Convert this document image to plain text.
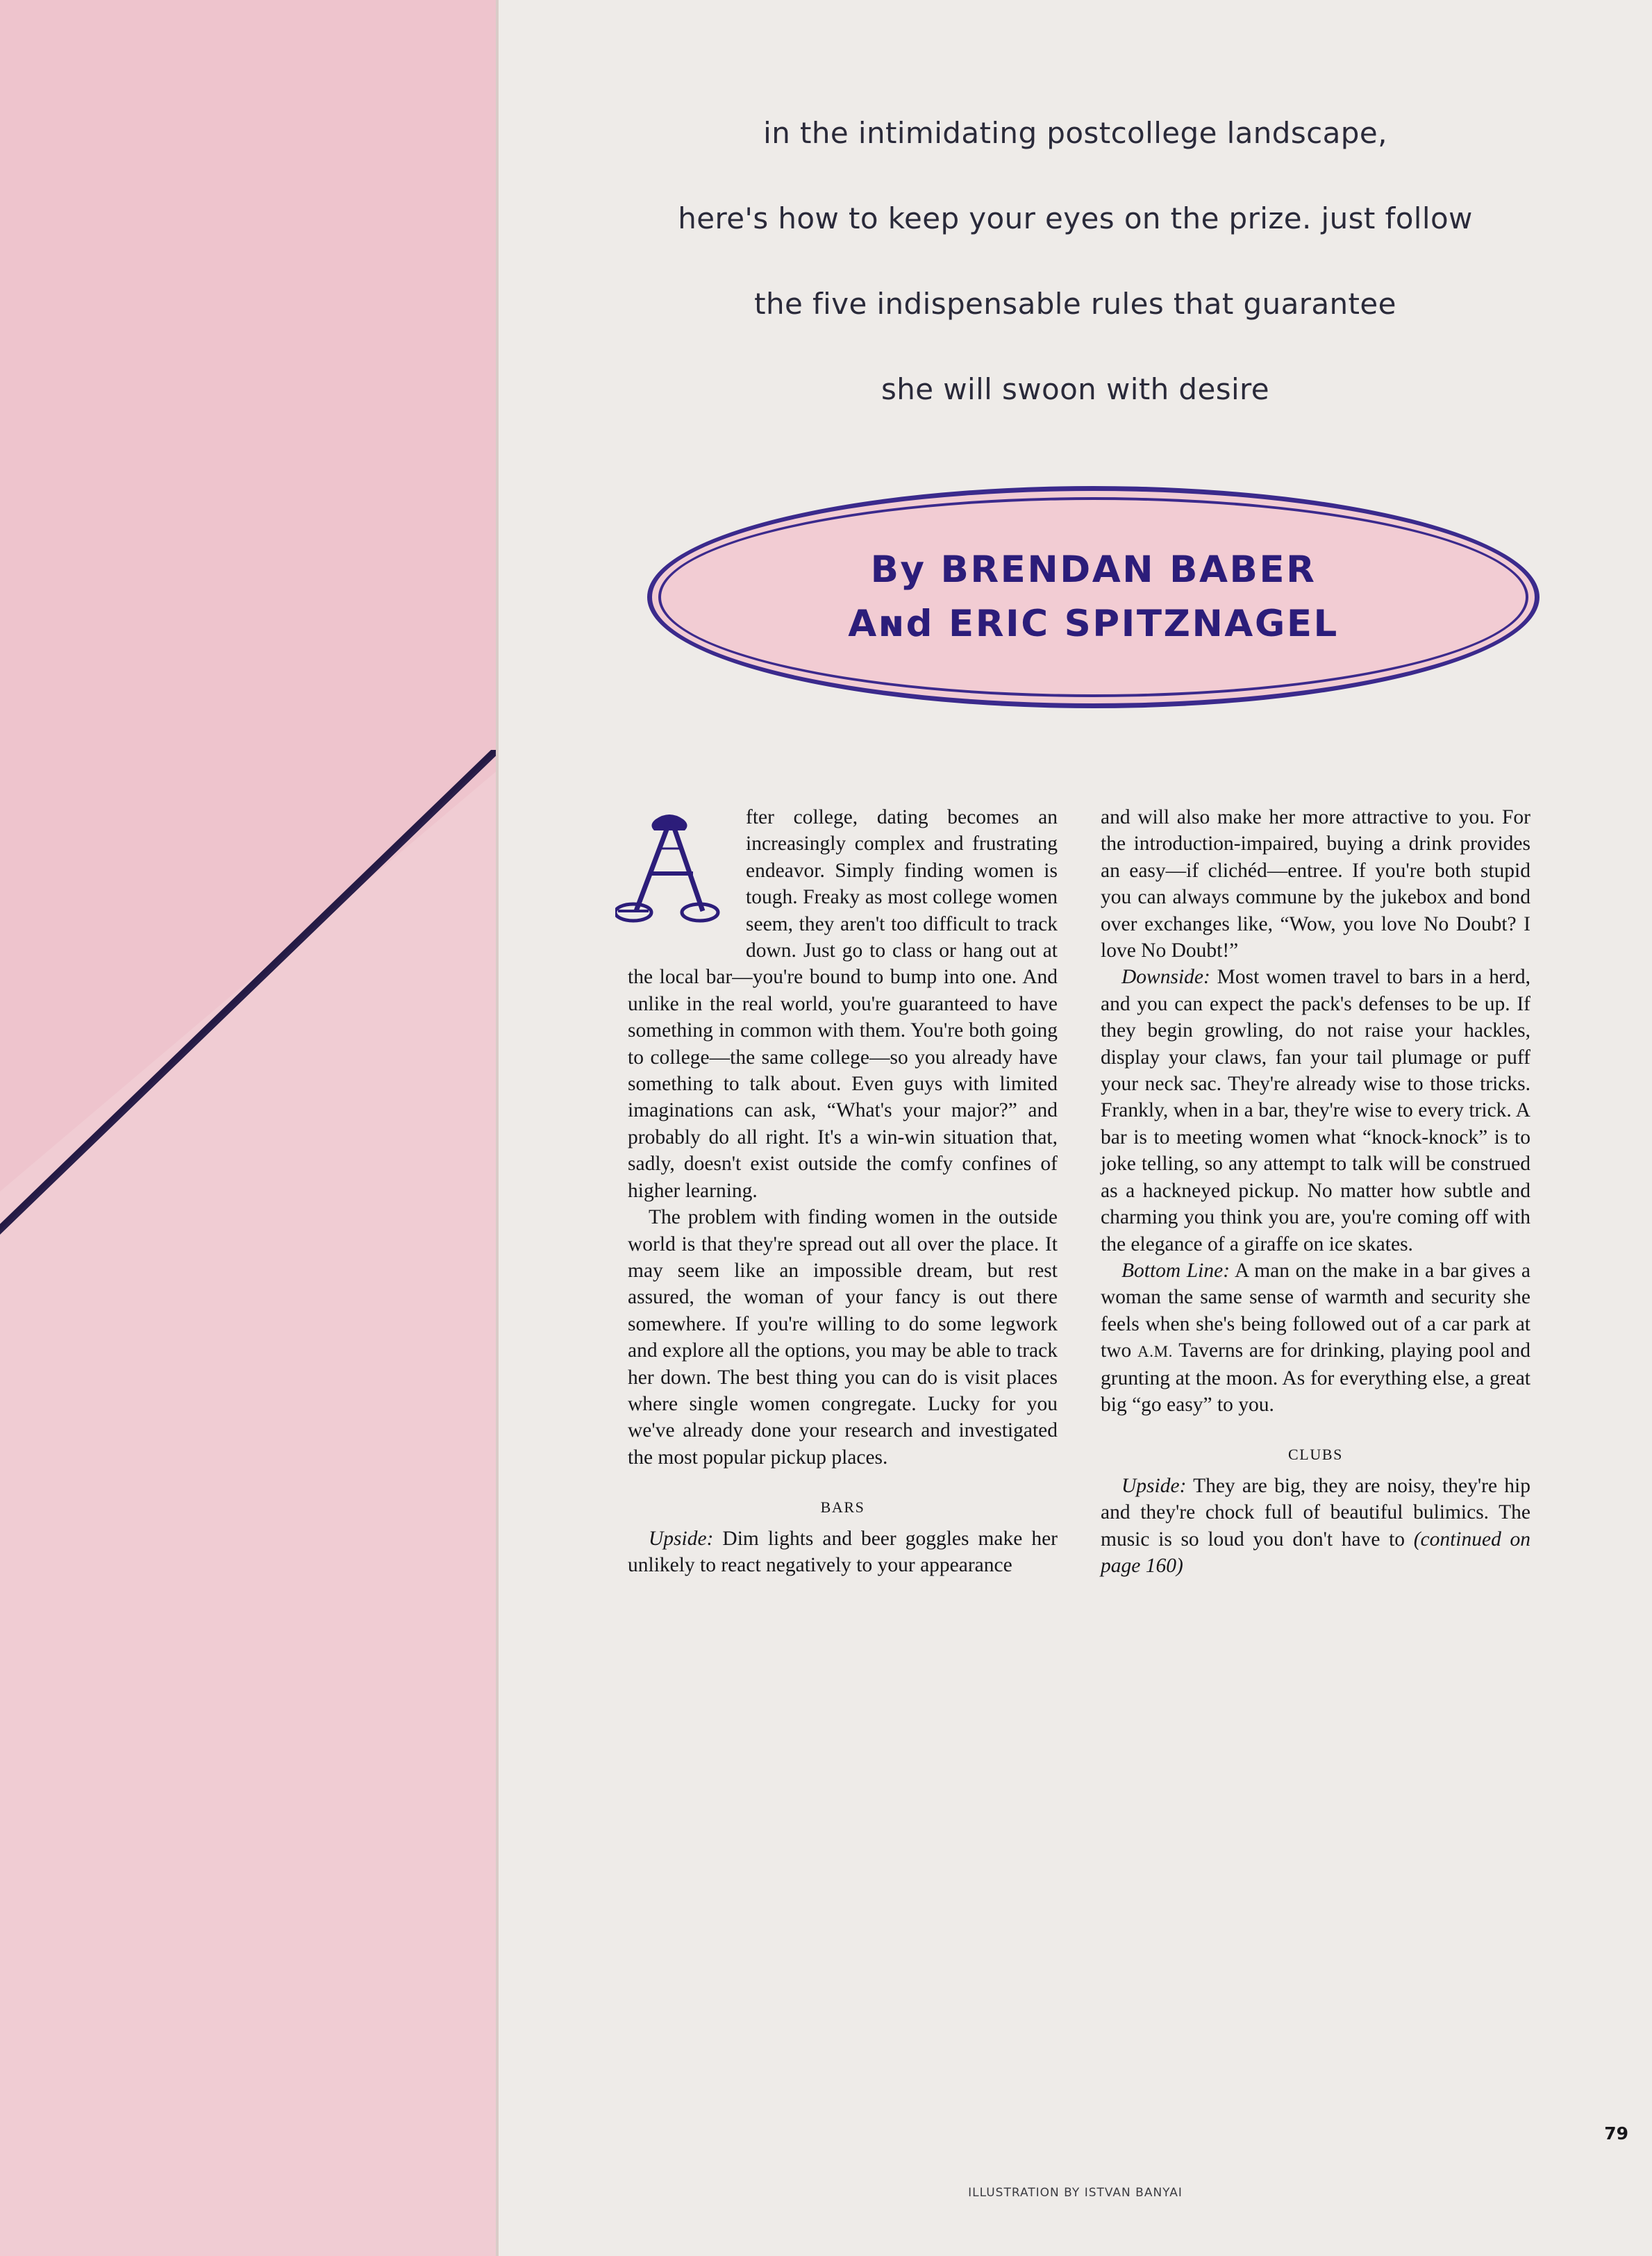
in the intimidating postcollege landscape,
here's how to keep your eyes on the prize. just follow
the five indispensable rules that guarantee
she will swoon with desire
By BRENDAN BABER
Aɴd ERIC SPITZNAGEL

fter college, dating becomes an increasingly complex and frustrating endeavor. Simply finding women is tough. Freaky as most college women seem, they aren't too difficult to track down. Just go to class or hang out at the local bar—you're bound to bump into one. And unlike in the real world, you're guaranteed to have something in common with them. You're both going to college—the same college—so you already have something to talk about. Even guys with limited imaginations can ask, “What's your major?” and probably do all right. It's a win-win situation that, sadly, doesn't exist outside the comfy confines of higher learning.

The problem with finding women in the outside world is that they're spread out all over the place. It may seem like an impossible dream, but rest assured, the woman of your fancy is out there somewhere. If you're willing to do some legwork and explore all the options, you may be able to track her down. The best thing you can do is visit places where single women congregate. Lucky for you we've already done your research and investigated the most popular pickup places.

BARS

Upside: Dim lights and beer goggles make her unlikely to react negatively to your appearance

and will also make her more attractive to you. For the introduction-impaired, buying a drink provides an easy—if clichéd—entree. If you're both stupid you can always commune by the jukebox and bond over exchanges like, “Wow, you love No Doubt? I love No Doubt!”

Downside: Most women travel to bars in a herd, and you can expect the pack's defenses to be up. If they begin growling, do not raise your hackles, display your claws, fan your tail plumage or puff your neck sac. They're already wise to those tricks. Frankly, when in a bar, they're wise to every trick. A bar is to meeting women what “knock-knock” is to joke telling, so any attempt to talk will be construed as a hackneyed pickup. No matter how subtle and charming you think you are, you're coming off with the elegance of a giraffe on ice skates.

Bottom Line: A man on the make in a bar gives a woman the same sense of warmth and security she feels when she's being followed out of a car park at two A.M. Taverns are for drinking, playing pool and grunting at the moon. As for everything else, a great big “go easy” to you.

CLUBS

Upside: They are big, they are noisy, they're hip and they're chock full of beautiful bulimics. The music is so loud you don't have to (continued on page 160)

79
ILLUSTRATION BY ISTVAN BANYAI
